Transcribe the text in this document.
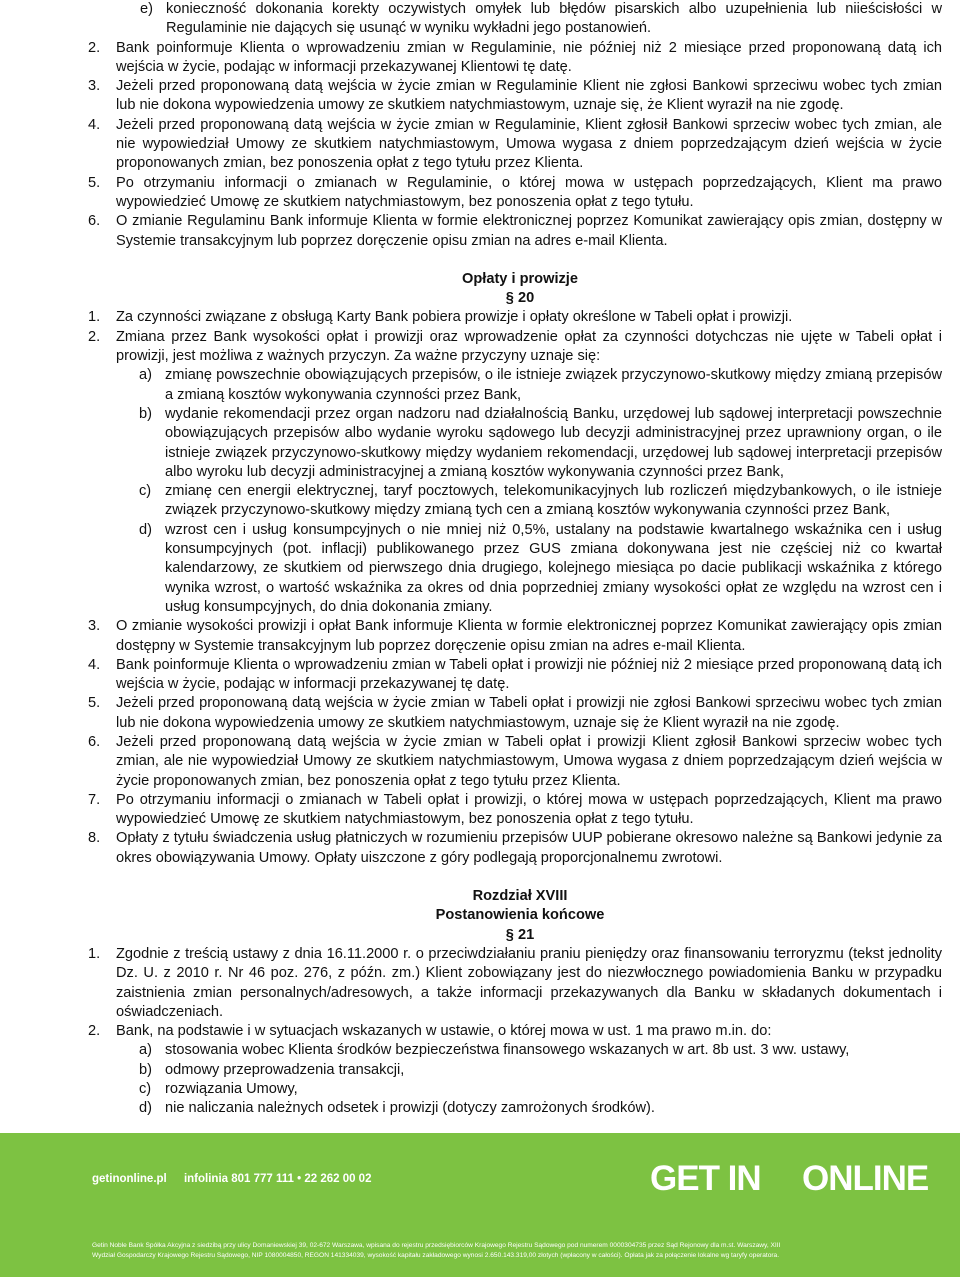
e) konieczność dokonania korekty oczywistych omyłek lub błędów pisarskich albo uzupełnienia lub niieścisłości w Regulaminie nie dających się usunąć w wyniku wykładni jego postanowień.

2. Bank poinformuje Klienta o wprowadzeniu zmian w Regulaminie, nie później niż 2 miesiące przed proponowaną datą ich wejścia w życie, podając w informacji przekazywanej Klientowi tę datę.

3. Jeżeli przed proponowaną datą wejścia w życie zmian w Regulaminie Klient nie zgłosi Bankowi sprzeciwu wobec tych zmian lub nie dokona wypowiedzenia umowy ze skutkiem natychmiastowym, uznaje się, że Klient wyraził na nie zgodę.

4. Jeżeli przed proponowaną datą wejścia w życie zmian w Regulaminie, Klient zgłosił Bankowi sprzeciw wobec tych zmian, ale nie wypowiedział Umowy ze skutkiem natychmiastowym, Umowa wygasa z dniem poprzedzającym dzień wejścia w życie proponowanych zmian, bez ponoszenia opłat z tego tytułu przez Klienta.

5. Po otrzymaniu informacji o zmianach w Regulaminie, o której mowa w ustępach poprzedzających, Klient ma prawo wypowiedzieć Umowę ze skutkiem natychmiastowym, bez ponoszenia opłat z tego tytułu.

6. O zmianie Regulaminu Bank informuje Klienta w formie elektronicznej poprzez Komunikat zawierający opis zmian, dostępny w Systemie transakcyjnym lub poprzez doręczenie opisu zmian na adres e-mail Klienta.

Opłaty i prowizje

§ 20

1. Za czynności związane z obsługą Karty Bank pobiera prowizje i opłaty określone w Tabeli opłat i prowizji.

2. Zmiana przez Bank wysokości opłat i prowizji oraz wprowadzenie opłat za czynności dotychczas nie ujęte w Tabeli opłat i prowizji, jest możliwa z ważnych przyczyn. Za ważne przyczyny uznaje się:

a) zmianę powszechnie obowiązujących przepisów, o ile istnieje związek przyczynowo-skutkowy między zmianą przepisów a zmianą kosztów wykonywania czynności przez Bank,

b) wydanie rekomendacji przez organ nadzoru nad działalnością Banku, urzędowej lub sądowej interpretacji powszechnie obowiązujących przepisów albo wydanie wyroku sądowego lub decyzji administracyjnej przez uprawniony organ, o ile istnieje związek przyczynowo-skutkowy między wydaniem rekomendacji, urzędowej lub sądowej interpretacji przepisów albo wyroku lub decyzji administracyjnej a zmianą kosztów wykonywania czynności przez Bank,

c) zmianę cen energii elektrycznej, taryf pocztowych, telekomunikacyjnych lub rozliczeń międzybankowych, o ile istnieje związek przyczynowo-skutkowy między zmianą tych cen a zmianą kosztów wykonywania czynności przez Bank,

d) wzrost cen i usług konsumpcyjnych o nie mniej niż 0,5%, ustalany na podstawie kwartalnego wskaźnika cen i usług konsumpcyjnych (pot. inflacji) publikowanego przez GUS zmiana dokonywana jest nie częściej niż co kwartał kalendarzowy, ze skutkiem od pierwszego dnia drugiego, kolejnego miesiąca po dacie publikacji wskaźnika z którego wynika wzrost, o wartość wskaźnika za okres od dnia poprzedniej zmiany wysokości opłat ze względu na wzrost cen i usług konsumpcyjnych, do dnia dokonania zmiany.

3. O zmianie wysokości prowizji i opłat Bank informuje Klienta w formie elektronicznej poprzez Komunikat zawierający opis zmian dostępny w Systemie transakcyjnym lub poprzez doręczenie opisu zmian na adres e-mail Klienta.

4. Bank poinformuje Klienta o wprowadzeniu zmian w Tabeli opłat i prowizji nie później niż 2 miesiące przed proponowaną datą ich wejścia w życie, podając w informacji przekazywanej tę datę.

5. Jeżeli przed proponowaną datą wejścia w życie zmian w Tabeli opłat i prowizji nie zgłosi Bankowi sprzeciwu wobec tych zmian lub nie dokona wypowiedzenia umowy ze skutkiem natychmiastowym, uznaje się że Klient wyraził na nie zgodę.

6. Jeżeli przed proponowaną datą wejścia w życie zmian w Tabeli opłat i prowizji Klient zgłosił Bankowi sprzeciw wobec tych zmian, ale nie wypowiedział Umowy ze skutkiem natychmiastowym, Umowa wygasa z dniem poprzedzającym dzień wejścia w życie proponowanych zmian, bez ponoszenia opłat z tego tytułu przez Klienta.

7. Po otrzymaniu informacji o zmianach w Tabeli opłat i prowizji, o której mowa w ustępach poprzedzających, Klient ma prawo wypowiedzieć Umowę ze skutkiem natychmiastowym, bez ponoszenia opłat z tego tytułu.

8. Opłaty z tytułu świadczenia usług płatniczych w rozumieniu przepisów UUP pobierane okresowo należne są Bankowi jedynie za okres obowiązywania Umowy. Opłaty uiszczone z góry podlegają proporcjonalnemu zwrotowi.

Rozdział XVIII

Postanowienia końcowe

§ 21

1. Zgodnie z treścią ustawy z dnia 16.11.2000 r. o przeciwdziałaniu praniu pieniędzy oraz finansowaniu terroryzmu (tekst jednolity Dz. U. z 2010 r. Nr 46 poz. 276, z późn. zm.) Klient zobowiązany jest do niezwłocznego powiadomienia Banku w przypadku zaistnienia zmian personalnych/adresowych, a także informacji przekazywanych dla Banku w składanych dokumentach i oświadczeniach.

2. Bank, na podstawie i w sytuacjach wskazanych w ustawie, o której mowa w ust. 1 ma prawo m.in. do:

a) stosowania wobec Klienta środków bezpieczeństwa finansowego wskazanych w art. 8b ust. 3 ww. ustawy,

b) odmowy przeprowadzenia transakcji,

c) rozwiązania Umowy,

d) nie naliczania należnych odsetek i prowizji (dotyczy zamrożonych środków).

getinonline.pl infolinia 801 777 111 • 22 262 00 02	GET IN ONLINE
Getin Noble Bank Spółka Akcyjna z siedzibą przy ulicy Domaniewskiej 39, 02-672 Warszawa, wpisana do rejestru przedsiębiorców Krajowego Rejestru Sądowego pod numerem 0000304735 przez Sąd Rejonowy dla m.st. Warszawy, XIII
Wydział Gospodarczy Krajowego Rejestru Sądowego, NIP 1080004850, REGON 141334039, wysokość kapitału zakładowego wynosi 2.650.143.319,00 złotych (wpłacony w całości). Opłata jak za połączenie lokalne wg taryfy operatora.
